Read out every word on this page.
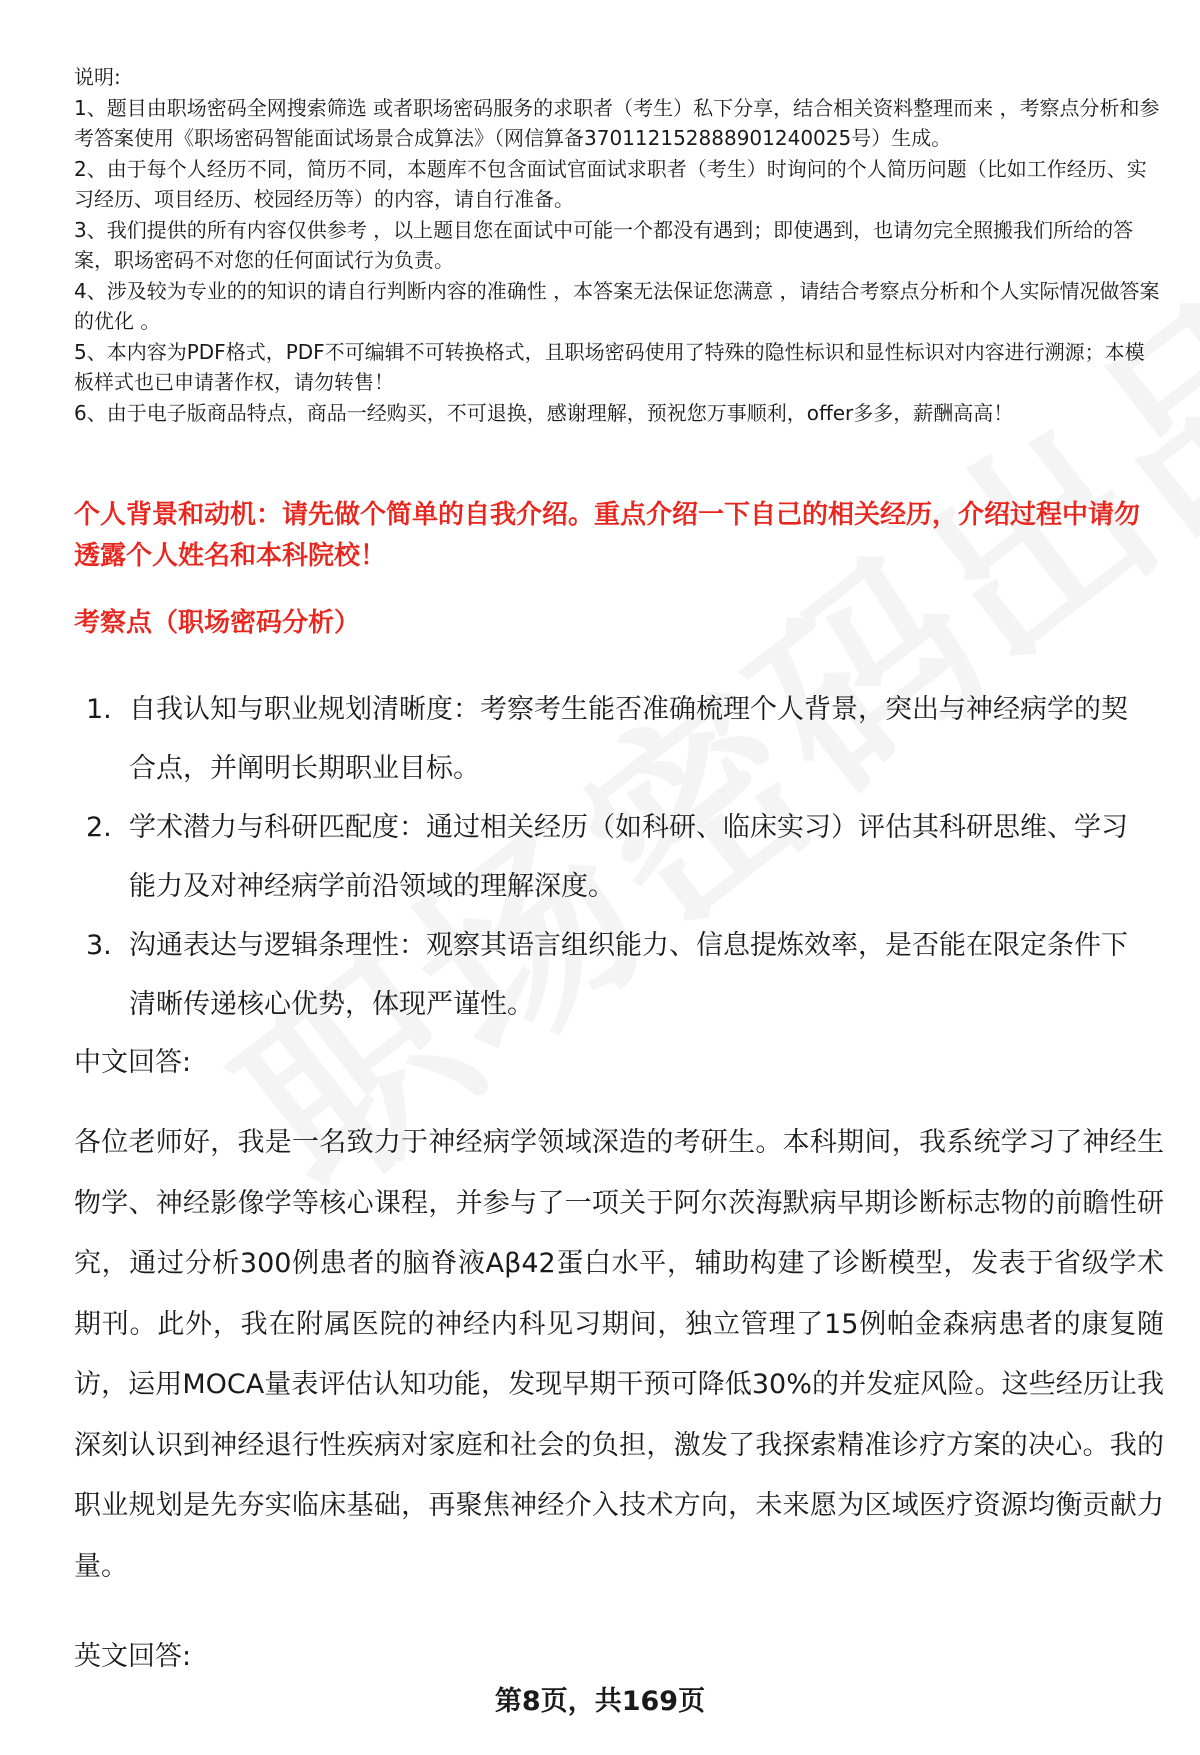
说明:

1、题目由职场密码全网搜索筛选 或者职场密码服务的求职者（考生）私下分享，结合相关资料整理而来 ，考察点分析和参考答案使用《职场密码智能面试场景合成算法》（网信算备370112152888901240025号）生成。

2、由于每个人经历不同，简历不同，本题库不包含面试官面试求职者（考生）时询问的个人简历问题（比如工作经历、实习经历、项目经历、校园经历等）的内容，请自行准备。

3、我们提供的所有内容仅供参考 ，以上题目您在面试中可能一个都没有遇到；即使遇到，也请勿完全照搬我们所给的答案，职场密码不对您的任何面试行为负责。

4、涉及较为专业的的知识的请自行判断内容的准确性 ，本答案无法保证您满意 ，请结合考察点分析和个人实际情况做答案的优化 。

5、本内容为PDF格式，PDF不可编辑不可转换格式，且职场密码使用了特殊的隐性标识和显性标识对内容进行溯源；本模板样式也已申请著作权，请勿转售！

6、由于电子版商品特点，商品一经购买，不可退换，感谢理解，预祝您万事顺利，offer多多，薪酬高高！

个人背景和动机：请先做个简单的自我介绍。重点介绍一下自己的相关经历，介绍过程中请勿透露个人姓名和本科院校！

考察点（职场密码分析）

1. 自我认知与职业规划清晰度：考察考生能否准确梳理个人背景，突出与神经病学的契合点，并阐明长期职业目标。
2. 学术潜力与科研匹配度：通过相关经历（如科研、临床实习）评估其科研思维、学习能力及对神经病学前沿领域的理解深度。
3. 沟通表达与逻辑条理性：观察其语言组织能力、信息提炼效率，是否能在限定条件下清晰传递核心优势，体现严谨性。

中文回答:

各位老师好，我是一名致力于神经病学领域深造的考研生。本科期间，我系统学习了神经生物学、神经影像学等核心课程，并参与了一项关于阿尔茨海默病早期诊断标志物的前瞻性研究，通过分析300例患者的脑脊液Aβ42蛋白水平，辅助构建了诊断模型，发表于省级学术期刊。此外，我在附属医院的神经内科见习期间，独立管理了15例帕金森病患者的康复随访，运用MOCA量表评估认知功能，发现早期干预可降低30%的并发症风险。这些经历让我深刻认识到神经退行性疾病对家庭和社会的负担，激发了我探索精准诊疗方案的决心。我的职业规划是先夯实临床基础，再聚焦神经介入技术方向，未来愿为区域医疗资源均衡贡献力量。

英文回答:

第8页，共169页
